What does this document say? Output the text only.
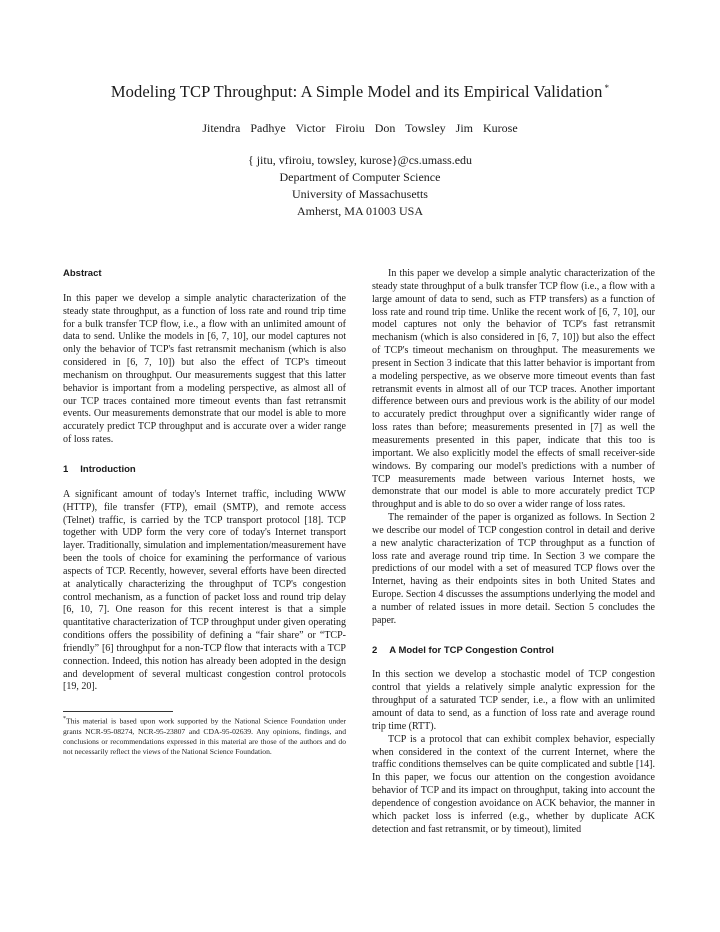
Modeling TCP Throughput: A Simple Model and its Empirical Validation *
Jitendra Padhye Victor Firoiu Don Towsley Jim Kurose
{ jitu, vfiroiu, towsley, kurose}@cs.umass.edu
Department of Computer Science
University of Massachusetts
Amherst, MA 01003 USA
Abstract

In this paper we develop a simple analytic characterization of the steady state throughput, as a function of loss rate and round trip time for a bulk transfer TCP flow, i.e., a flow with an unlimited amount of data to send. Unlike the models in [6, 7, 10], our model captures not only the behavior of TCP's fast retransmit mechanism (which is also considered in [6, 7, 10]) but also the effect of TCP's timeout mechanism on throughput. Our measurements suggest that this latter behavior is important from a modeling perspective, as almost all of our TCP traces contained more timeout events than fast retransmit events. Our measurements demonstrate that our model is able to more accurately predict TCP throughput and is accurate over a wider range of loss rates.

1 Introduction

A significant amount of today's Internet traffic, including WWW (HTTP), file transfer (FTP), email (SMTP), and remote access (Telnet) traffic, is carried by the TCP transport protocol [18]. TCP together with UDP form the very core of today's Internet transport layer. Traditionally, simulation and implementation/measurement have been the tools of choice for examining the performance of various aspects of TCP. Recently, however, several efforts have been directed at analytically characterizing the throughput of TCP's congestion control mechanism, as a function of packet loss and round trip delay [6, 10, 7]. One reason for this recent interest is that a simple quantitative characterization of TCP throughput under given operating conditions offers the possibility of defining a “fair share” or “TCP-friendly” [6] throughput for a non-TCP flow that interacts with a TCP connection. Indeed, this notion has already been adopted in the design and development of several multicast congestion control protocols [19, 20].

*This material is based upon work supported by the National Science Foundation under grants NCR-95-08274, NCR-95-23807 and CDA-95-02639. Any opinions, findings, and conclusions or recommendations expressed in this material are those of the authors and do not necessarily reflect the views of the National Science Foundation.

In this paper we develop a simple analytic characterization of the steady state throughput of a bulk transfer TCP flow (i.e., a flow with a large amount of data to send, such as FTP transfers) as a function of loss rate and round trip time. Unlike the recent work of [6, 7, 10], our model captures not only the behavior of TCP's fast retransmit mechanism (which is also considered in [6, 7, 10]) but also the effect of TCP's timeout mechanism on throughput. The measurements we present in Section 3 indicate that this latter behavior is important from a modeling perspective, as we observe more timeout events than fast retransmit events in almost all of our TCP traces. Another important difference between ours and previous work is the ability of our model to accurately predict throughput over a significantly wider range of loss rates than before; measurements presented in [7] as well the measurements presented in this paper, indicate that this too is important. We also explicitly model the effects of small receiver-side windows. By comparing our model's predictions with a number of TCP measurements made between various Internet hosts, we demonstrate that our model is able to more accurately predict TCP throughput and is able to do so over a wider range of loss rates.

The remainder of the paper is organized as follows. In Section 2 we describe our model of TCP congestion control in detail and derive a new analytic characterization of TCP throughput as a function of loss rate and average round trip time. In Section 3 we compare the predictions of our model with a set of measured TCP flows over the Internet, having as their endpoints sites in both United States and Europe. Section 4 discusses the assumptions underlying the model and a number of related issues in more detail. Section 5 concludes the paper.

2 A Model for TCP Congestion Control

In this section we develop a stochastic model of TCP congestion control that yields a relatively simple analytic expression for the throughput of a saturated TCP sender, i.e., a flow with an unlimited amount of data to send, as a function of loss rate and average round trip time (RTT).

TCP is a protocol that can exhibit complex behavior, especially when considered in the context of the current Internet, where the traffic conditions themselves can be quite complicated and subtle [14]. In this paper, we focus our attention on the congestion avoidance behavior of TCP and its impact on throughput, taking into account the dependence of congestion avoidance on ACK behavior, the manner in which packet loss is inferred (e.g., whether by duplicate ACK detection and fast retransmit, or by timeout), limited
